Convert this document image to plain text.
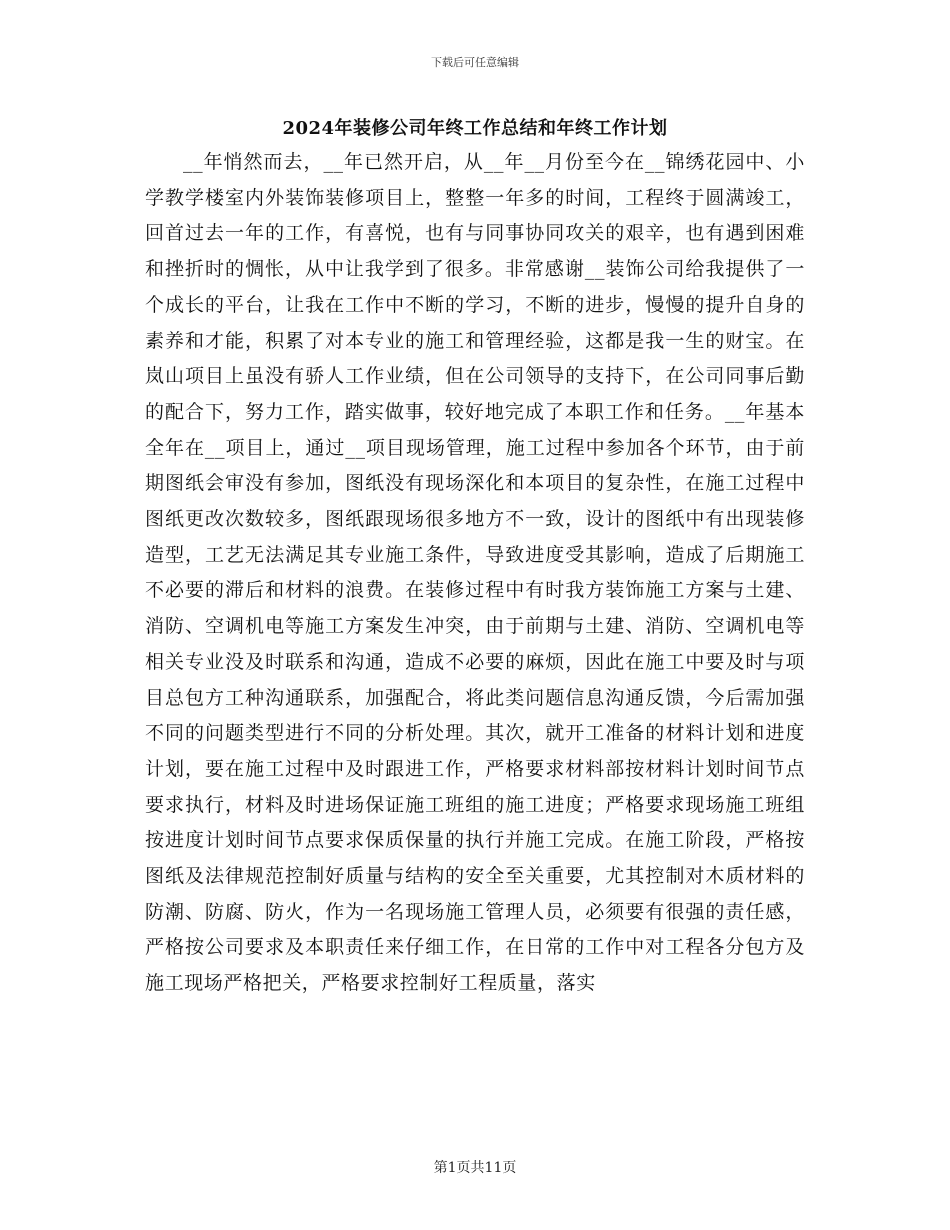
下载后可任意编辑
2024年装修公司年终工作总结和年终工作计划

__年悄然而去，__年已然开启，从__年__月份至今在__锦绣花园中、小学教学楼室内外装饰装修项目上，整整一年多的时间，工程终于圆满竣工，回首过去一年的工作，有喜悦，也有与同事协同攻关的艰辛，也有遇到困难和挫折时的惆怅，从中让我学到了很多。非常感谢__装饰公司给我提供了一个成长的平台，让我在工作中不断的学习，不断的进步，慢慢的提升自身的素养和才能，积累了对本专业的施工和管理经验，这都是我一生的财宝。在岚山项目上虽没有骄人工作业绩，但在公司领导的支持下，在公司同事后勤的配合下，努力工作，踏实做事，较好地完成了本职工作和任务。__年基本全年在__项目上，通过__项目现场管理，施工过程中参加各个环节，由于前期图纸会审没有参加，图纸没有现场深化和本项目的复杂性，在施工过程中图纸更改次数较多，图纸跟现场很多地方不一致，设计的图纸中有出现装修造型，工艺无法满足其专业施工条件，导致进度受其影响，造成了后期施工不必要的滞后和材料的浪费。在装修过程中有时我方装饰施工方案与土建、消防、空调机电等施工方案发生冲突，由于前期与土建、消防、空调机电等相关专业没及时联系和沟通，造成不必要的麻烦，因此在施工中要及时与项目总包方工种沟通联系，加强配合，将此类问题信息沟通反馈，今后需加强不同的问题类型进行不同的分析处理。其次，就开工准备的材料计划和进度计划，要在施工过程中及时跟进工作，严格要求材料部按材料计划时间节点要求执行，材料及时进场保证施工班组的施工进度；严格要求现场施工班组按进度计划时间节点要求保质保量的执行并施工完成。在施工阶段，严格按图纸及法律规范控制好质量与结构的安全至关重要，尤其控制对木质材料的防潮、防腐、防火，作为一名现场施工管理人员，必须要有很强的责任感，严格按公司要求及本职责任来仔细工作，在日常的工作中对工程各分包方及施工现场严格把关，严格要求控制好工程质量，落实

第1页共11页
